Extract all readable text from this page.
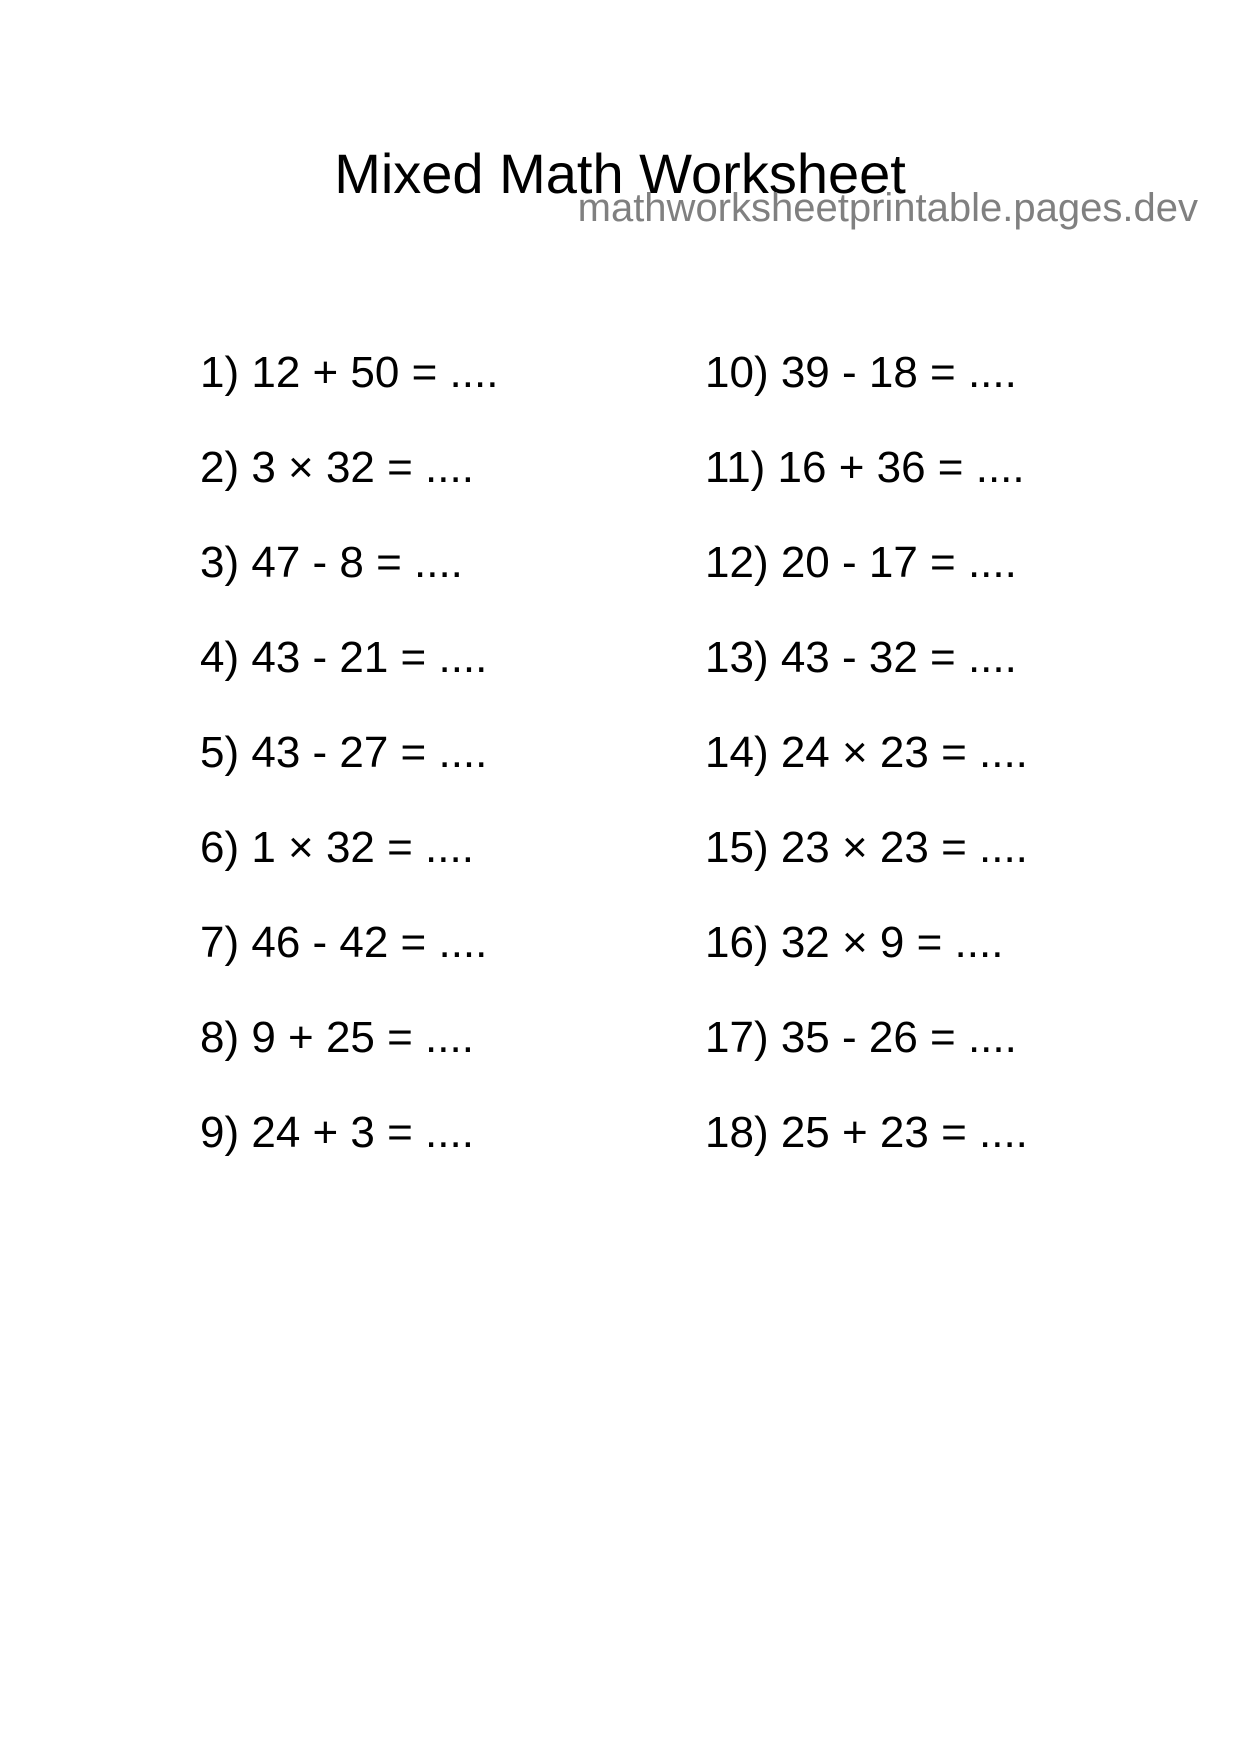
Mixed Math Worksheet
mathworksheetprintable.pages.dev
1) 12 + 50 = ....
2) 3 × 32 = ....
3) 47 - 8 = ....
4) 43 - 21 = ....
5) 43 - 27 = ....
6) 1 × 32 = ....
7) 46 - 42 = ....
8) 9 + 25 = ....
9) 24 + 3 = ....
10) 39 - 18 = ....
11) 16 + 36 = ....
12) 20 - 17 = ....
13) 43 - 32 = ....
14) 24 × 23 = ....
15) 23 × 23 = ....
16) 32 × 9 = ....
17) 35 - 26 = ....
18) 25 + 23 = ....
